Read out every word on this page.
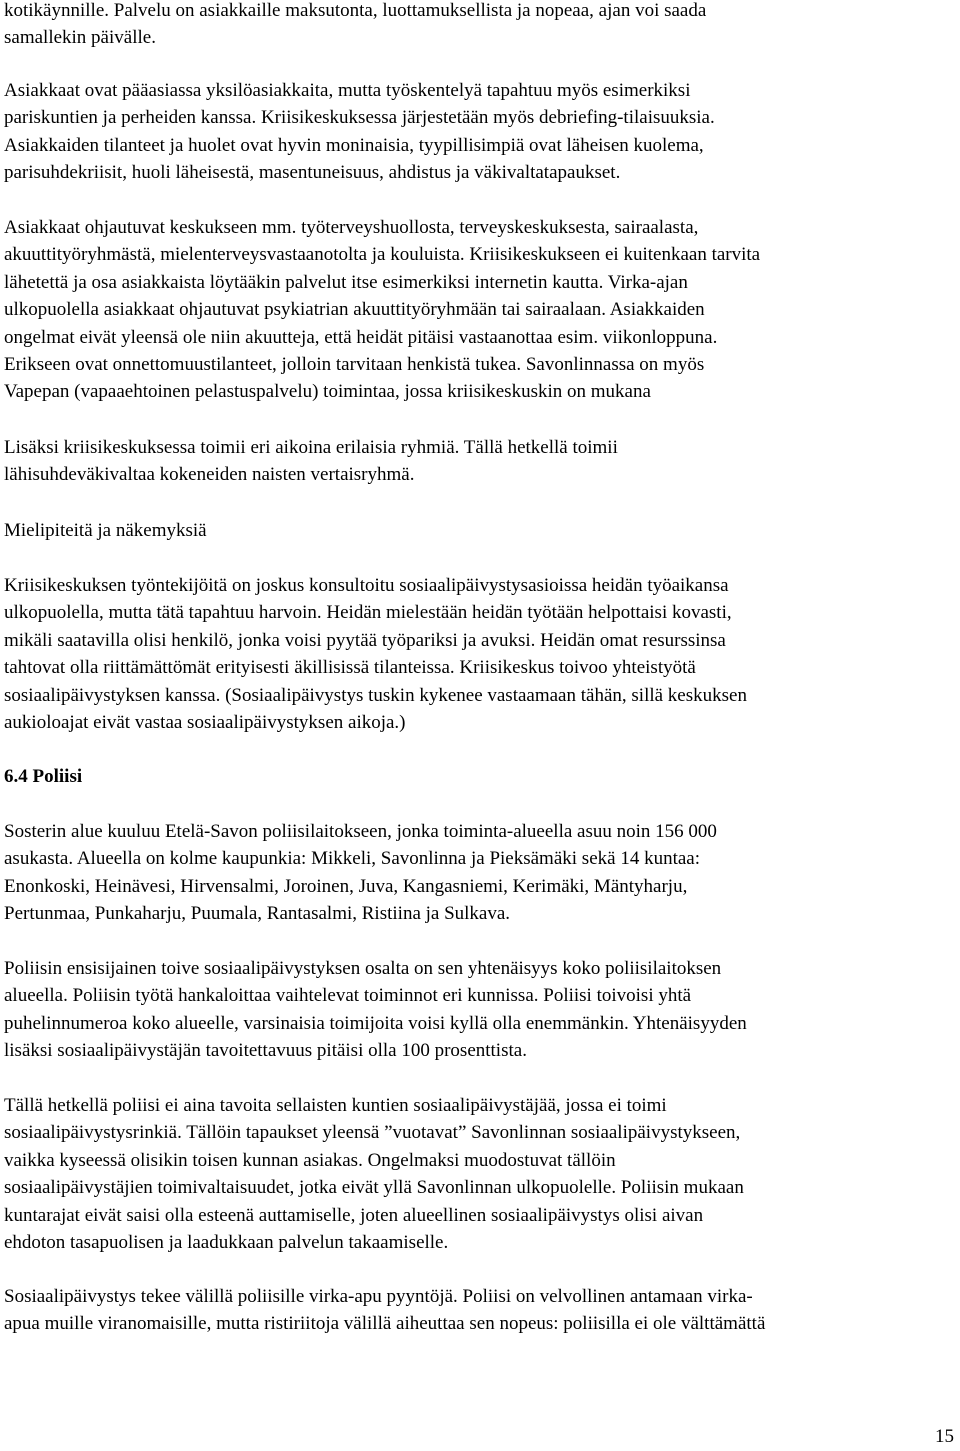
kotikäynnille. Palvelu on asiakkaille maksutonta, luottamuksellista ja nopeaa, ajan voi saada
samallekin päivälle.
Asiakkaat ovat pääasiassa yksilöasiakkaita, mutta työskentelyä tapahtuu myös esimerkiksi
pariskuntien ja perheiden kanssa. Kriisikeskuksessa järjestetään myös debriefing-tilaisuuksia.
Asiakkaiden tilanteet ja huolet ovat hyvin moninaisia, tyypillisimpiä ovat läheisen kuolema,
parisuhdekriisit, huoli läheisestä, masentuneisuus, ahdistus ja väkivaltatapaukset.
Asiakkaat ohjautuvat keskukseen mm. työterveyshuollosta, terveyskeskuksesta, sairaalasta,
akuuttityöryhmästä, mielenterveysvastaanotolta ja kouluista. Kriisikeskukseen ei kuitenkaan tarvita
lähetettä ja osa asiakkaista löytääkin palvelut itse esimerkiksi internetin kautta. Virka-ajan
ulkopuolella asiakkaat ohjautuvat psykiatrian akuuttityöryhmään tai sairaalaan. Asiakkaiden
ongelmat eivät yleensä ole niin akuutteja, että heidät pitäisi vastaanottaa esim. viikonloppuna.
Erikseen ovat onnettomuustilanteet, jolloin tarvitaan henkistä tukea. Savonlinnassa on myös
Vapepan (vapaaehtoinen pelastuspalvelu) toimintaa, jossa kriisikeskuskin on mukana
Lisäksi kriisikeskuksessa toimii eri aikoina erilaisia ryhmiä. Tällä hetkellä toimii
lähisuhdeväkivaltaa kokeneiden naisten vertaisryhmä.
Mielipiteitä ja näkemyksiä
Kriisikeskuksen työntekijöitä on joskus konsultoitu sosiaalipäivystysasioissa heidän työaikansa
ulkopuolella, mutta tätä tapahtuu harvoin. Heidän mielestään heidän työtään helpottaisi kovasti,
mikäli saatavilla olisi henkilö, jonka voisi pyytää työpariksi ja avuksi. Heidän omat resurssinsa
tahtovat olla riittämättömät erityisesti äkillisissä tilanteissa. Kriisikeskus toivoo yhteistyötä
sosiaalipäivystyksen kanssa. (Sosiaalipäivystys tuskin kykenee vastaamaan tähän, sillä keskuksen
aukioloajat eivät vastaa sosiaalipäivystyksen aikoja.)
6.4 Poliisi
Sosterin alue kuuluu Etelä-Savon poliisilaitokseen, jonka toiminta-alueella asuu noin 156 000
asukasta. Alueella on kolme kaupunkia: Mikkeli, Savonlinna ja Pieksämäki sekä 14 kuntaa:
Enonkoski, Heinävesi, Hirvensalmi, Joroinen, Juva, Kangasniemi, Kerimäki, Mäntyharju,
Pertunmaa, Punkaharju, Puumala, Rantasalmi, Ristiina ja Sulkava.
Poliisin ensisijainen toive sosiaalipäivystyksen osalta on sen yhtenäisyys koko poliisilaitoksen
alueella. Poliisin työtä hankaloittaa vaihtelevat toiminnot eri kunnissa. Poliisi toivoisi yhtä
puhelinnumeroa koko alueelle, varsinaisia toimijoita voisi kyllä olla enemmänkin. Yhtenäisyyden
lisäksi sosiaalipäivystäjän tavoitettavuus pitäisi olla 100 prosenttista.
Tällä hetkellä poliisi ei aina tavoita sellaisten kuntien sosiaalipäivystäjää, jossa ei toimi
sosiaalipäivystysrinkiä. Tällöin tapaukset yleensä ”vuotavat” Savonlinnan sosiaalipäivystykseen,
vaikka kyseessä olisikin toisen kunnan asiakas. Ongelmaksi muodostuvat tällöin
sosiaalipäivystäjien toimivaltaisuudet, jotka eivät yllä Savonlinnan ulkopuolelle. Poliisin mukaan
kuntarajat eivät saisi olla esteenä auttamiselle, joten alueellinen sosiaalipäivystys olisi aivan
ehdoton tasapuolisen ja laadukkaan palvelun takaamiselle.
Sosiaalipäivystys tekee välillä poliisille virka-apu pyyntöjä. Poliisi on velvollinen antamaan virka-
apua muille viranomaisille, mutta ristiriitoja välillä aiheuttaa sen nopeus: poliisilla ei ole välttämättä
15
